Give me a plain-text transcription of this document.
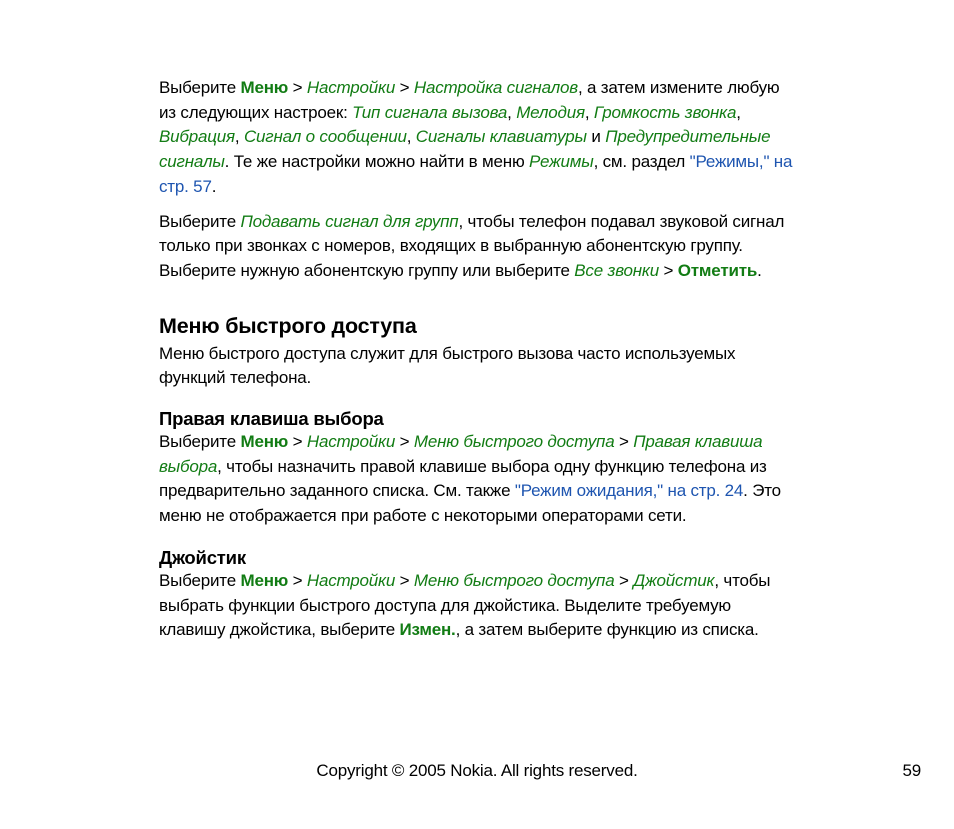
Выберите Меню > Настройки > Настройка сигналов, а затем измените любую из следующих настроек: Тип сигнала вызова, Мелодия, Громкость звонка, Вибрация, Сигнал о сообщении, Сигналы клавиатуры и Предупредительные сигналы. Те же настройки можно найти в меню Режимы, см. раздел "Режимы," на стр. 57.

Выберите Подавать сигнал для групп, чтобы телефон подавал звуковой сигнал только при звонках с номеров, входящих в выбранную абонентскую группу. Выберите нужную абонентскую группу или выберите Все звонки > Отметить.

Меню быстрого доступа

Меню быстрого доступа служит для быстрого вызова часто используемых функций телефона.

Правая клавиша выбора

Выберите Меню > Настройки > Меню быстрого доступа > Правая клавиша выбора, чтобы назначить правой клавише выбора одну функцию телефона из предварительно заданного списка. См. также "Режим ожидания," на стр. 24. Это меню не отображается при работе с некоторыми операторами сети.

Джойстик

Выберите Меню > Настройки > Меню быстрого доступа > Джойстик, чтобы выбрать функции быстрого доступа для джойстика. Выделите требуемую клавишу джойстика, выберите Измен., а затем выберите функцию из списка.

Copyright © 2005 Nokia. All rights reserved.	59
